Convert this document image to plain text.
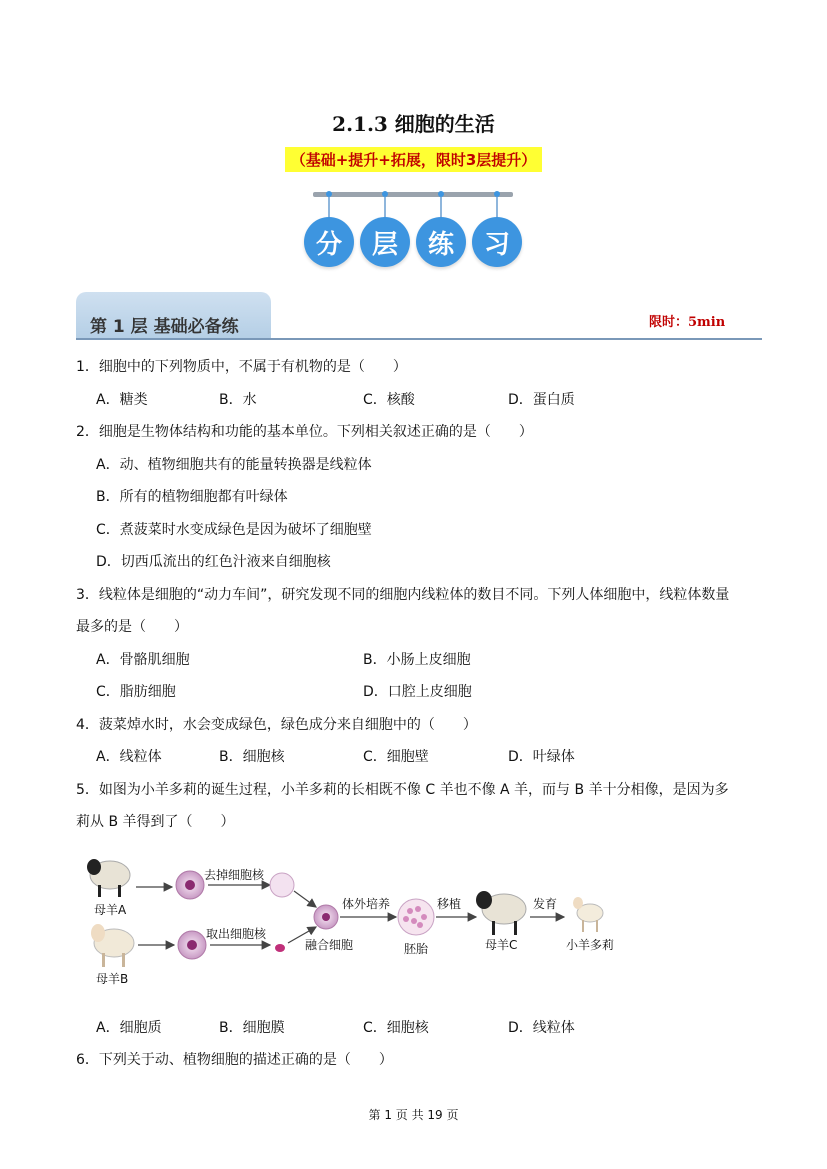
2.1.3 细胞的生活
（基础+提升+拓展，限时3层提升）
分	层	练	习
第 1 层 基础必备练	限时：5min
1．细胞中的下列物质中，不属于有机物的是（　　）
A．糖类	B．水	C．核酸	D．蛋白质
2．细胞是生物体结构和功能的基本单位。下列相关叙述正确的是（　　）
A．动、植物细胞共有的能量转换器是线粒体
B．所有的植物细胞都有叶绿体
C．煮菠菜时水变成绿色是因为破坏了细胞壁
D．切西瓜流出的红色汁液来自细胞核
3．线粒体是细胞的“动力车间”，研究发现不同的细胞内线粒体的数目不同。下列人体细胞中，线粒体数量
最多的是（　　）
A．骨骼肌细胞	B．小肠上皮细胞
C．脂肪细胞	D．口腔上皮细胞
4．菠菜焯水时，水会变成绿色，绿色成分来自细胞中的（　　）
A．线粒体	B．细胞核	C．细胞壁	D．叶绿体
5．如图为小羊多莉的诞生过程，小羊多莉的长相既不像 C 羊也不像 A 羊，而与 B 羊十分相像，是因为多
莉从 B 羊得到了（　　）
母羊A
母羊B
去掉细胞核
取出细胞核
融合细胞
体外培养
胚胎
移植
母羊C
发育
小羊多莉
A．细胞质	B．细胞膜	C．细胞核	D．线粒体
6．下列关于动、植物细胞的描述正确的是（　　）
第 1 页 共 19 页
